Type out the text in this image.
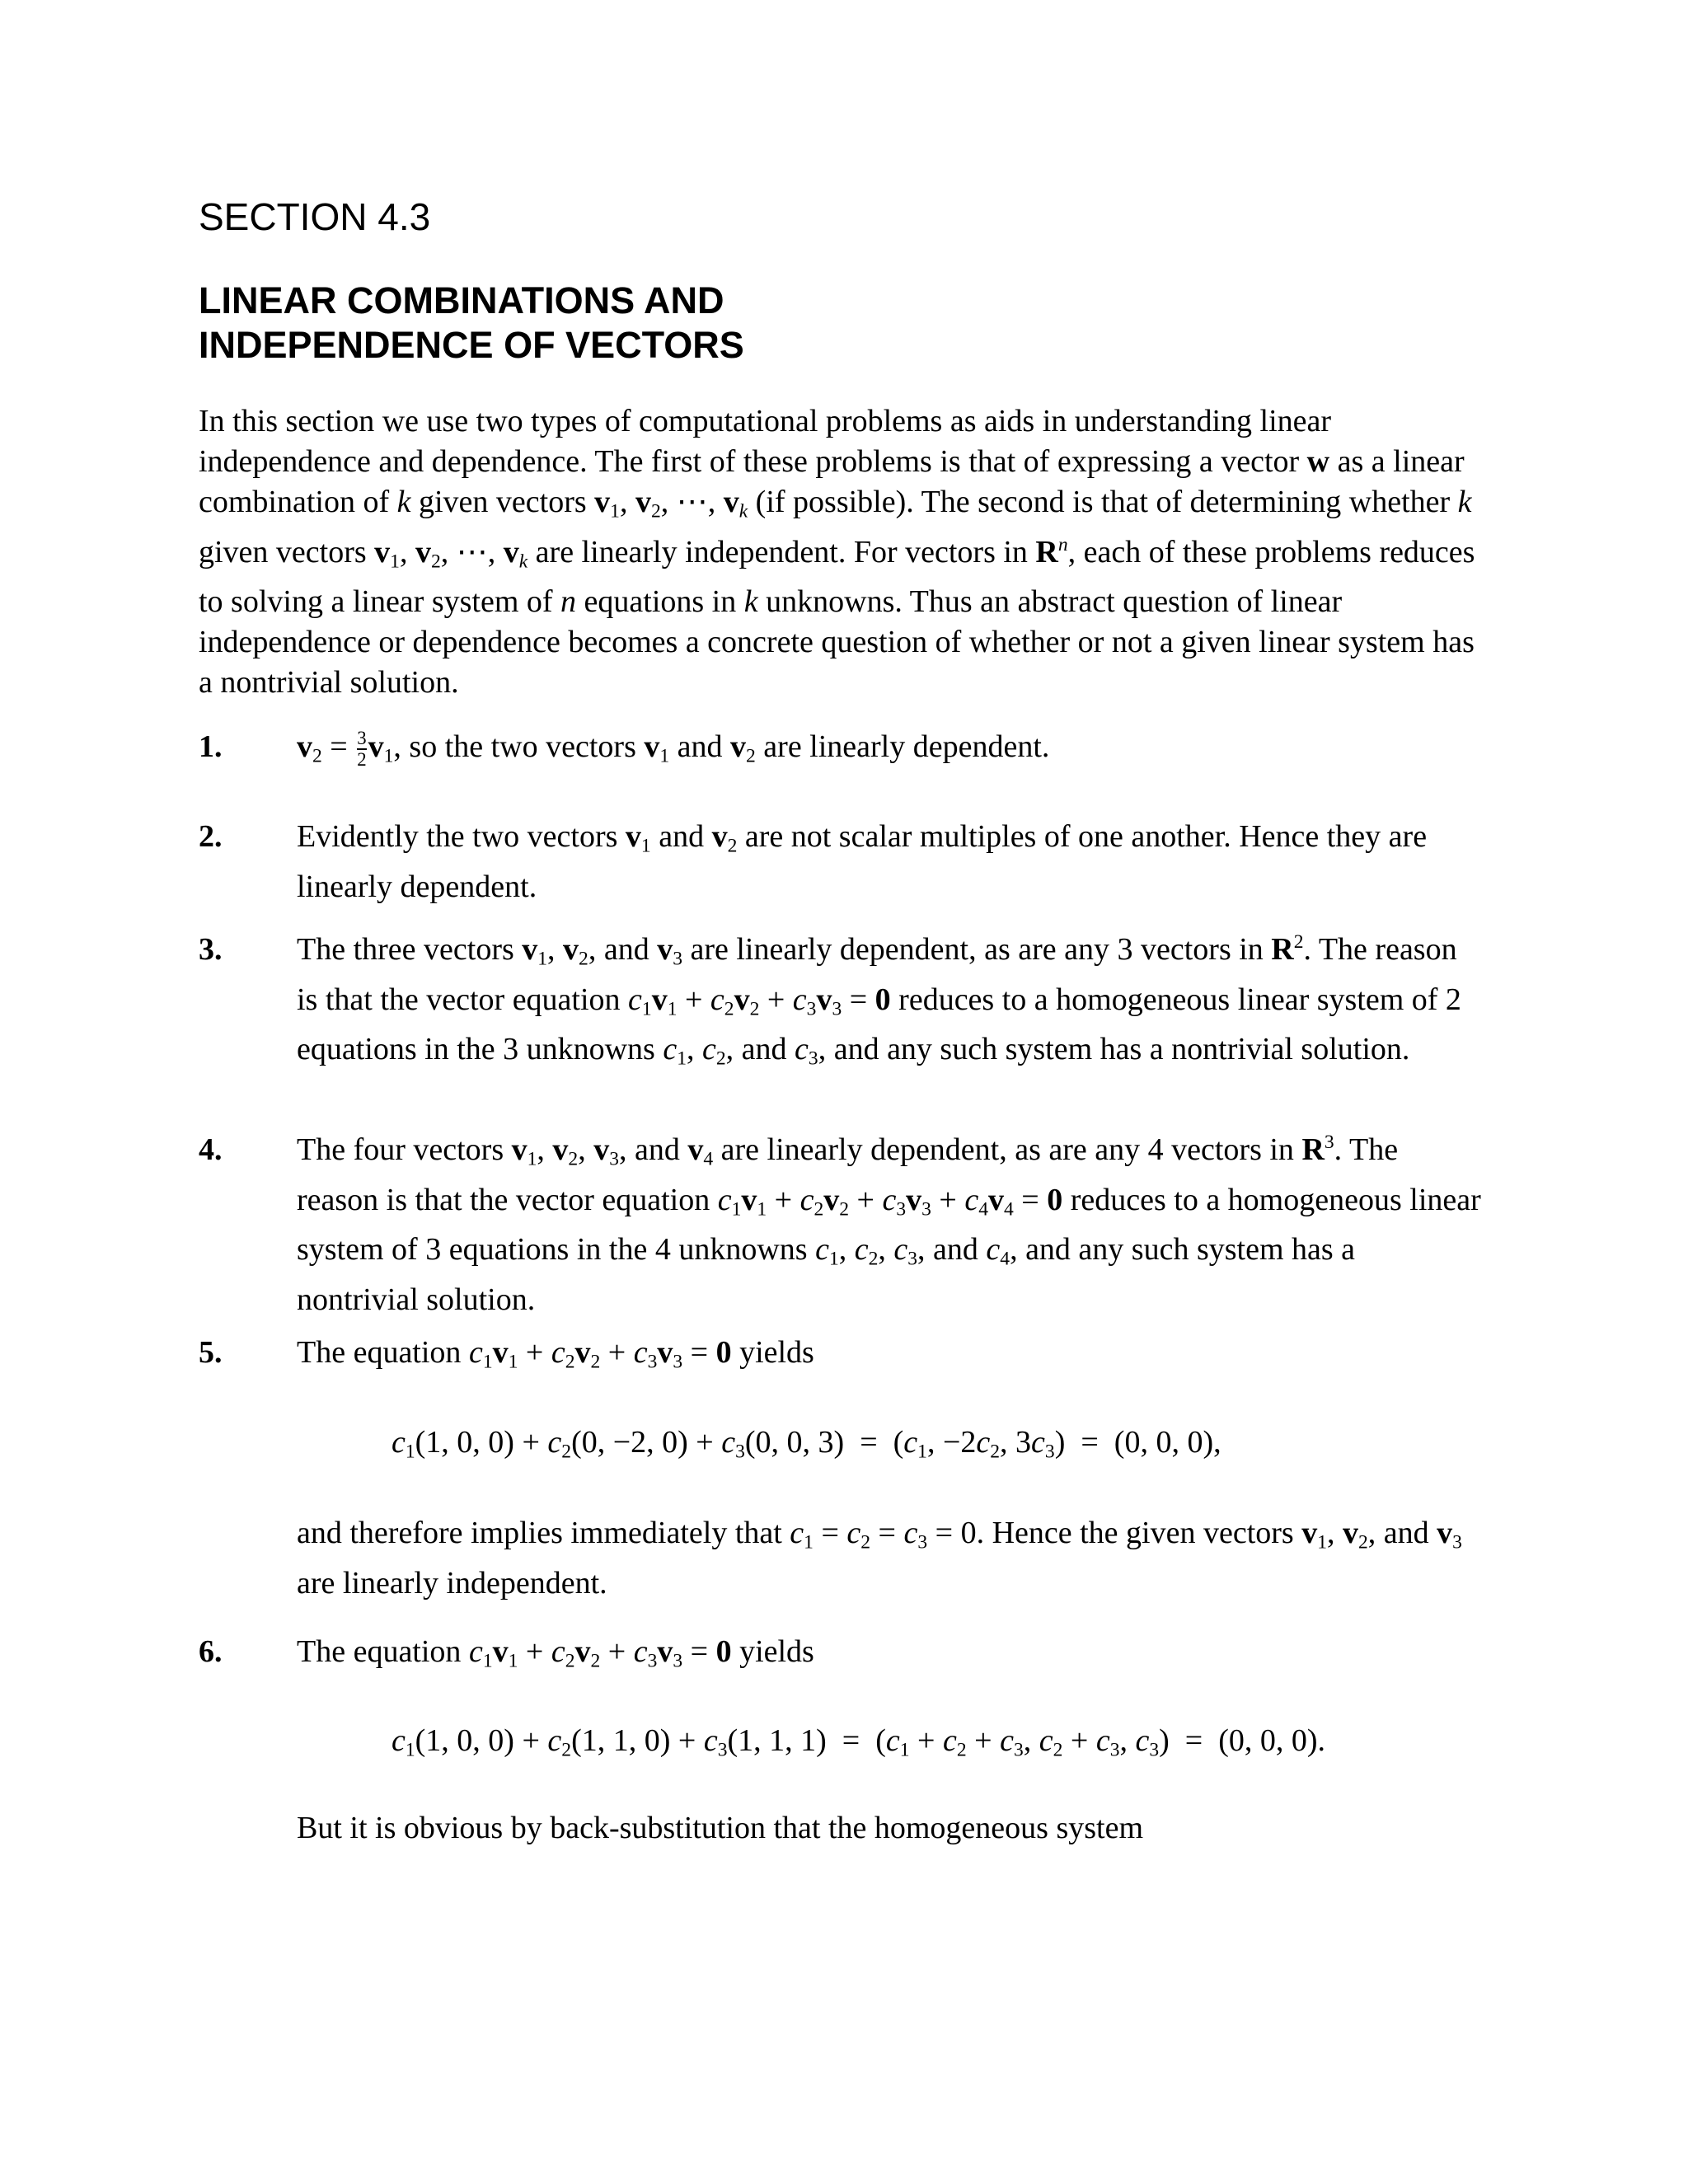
SECTION 4.3
LINEAR COMBINATIONS AND
INDEPENDENCE OF VECTORS
In this section we use two types of computational problems as aids in understanding linear independence and dependence. The first of these problems is that of expressing a vector w as a linear combination of k given vectors $v_1$, $v_2$, ⋯, $v_k$ (if possible). The second is that of determining whether k given vectors $v_1$, $v_2$, ⋯, $v_k$ are linearly independent. For vectors in $R^n$, each of these problems reduces to solving a linear system of n equations in k unknowns. Thus an abstract question of linear independence or dependence becomes a concrete question of whether or not a given linear system has a nontrivial solution.
1. $v_2 = \frac{3}{2} v_1$, so the two vectors $v_1$ and $v_2$ are linearly dependent.
2. Evidently the two vectors $v_1$ and $v_2$ are not scalar multiples of one another. Hence they are linearly dependent.
3. The three vectors $v_1$, $v_2$, and $v_3$ are linearly dependent, as are any 3 vectors in $R^2$. The reason is that the vector equation $c_1v_1 + c_2v_2 + c_3v_3 = 0$ reduces to a homogeneous linear system of 2 equations in the 3 unknowns $c_1$, $c_2$, and $c_3$, and any such system has a nontrivial solution.
4. The four vectors $v_1$, $v_2$, $v_3$, and $v_4$ are linearly dependent, as are any 4 vectors in $R^3$. The reason is that the vector equation $c_1v_1 + c_2v_2 + c_3v_3 + c_4v_4 = 0$ reduces to a homogeneous linear system of 3 equations in the 4 unknowns $c_1$, $c_2$, $c_3$, and $c_4$, and any such system has a nontrivial solution.
5. The equation $c_1v_1 + c_2v_2 + c_3v_3 = 0$ yields
$c_1(1$, 0, $0) + c_2(0$, −2, $0) + c_3(0$, 0, $3) = (c_1$, $-2c_2$, $3c_3) = (0$, 0, 0),
and therefore implies immediately that $c_1 = c_2 = c_3 = 0$. Hence the given vectors $v_1$, $v_2$, and $v_3$ are linearly independent.
6. The equation $c_1v_1 + c_2v_2 + c_3v_3 = 0$ yields
$c_1(1$, 0, $0) + c_2(1$, 1, $0) + c_3(1$, 1, $1) = (c_1 + c_2 + c_3$, $c_2 + c_3$, $c_3) = (0$, 0, 0).
But it is obvious by back-substitution that the homogeneous system
